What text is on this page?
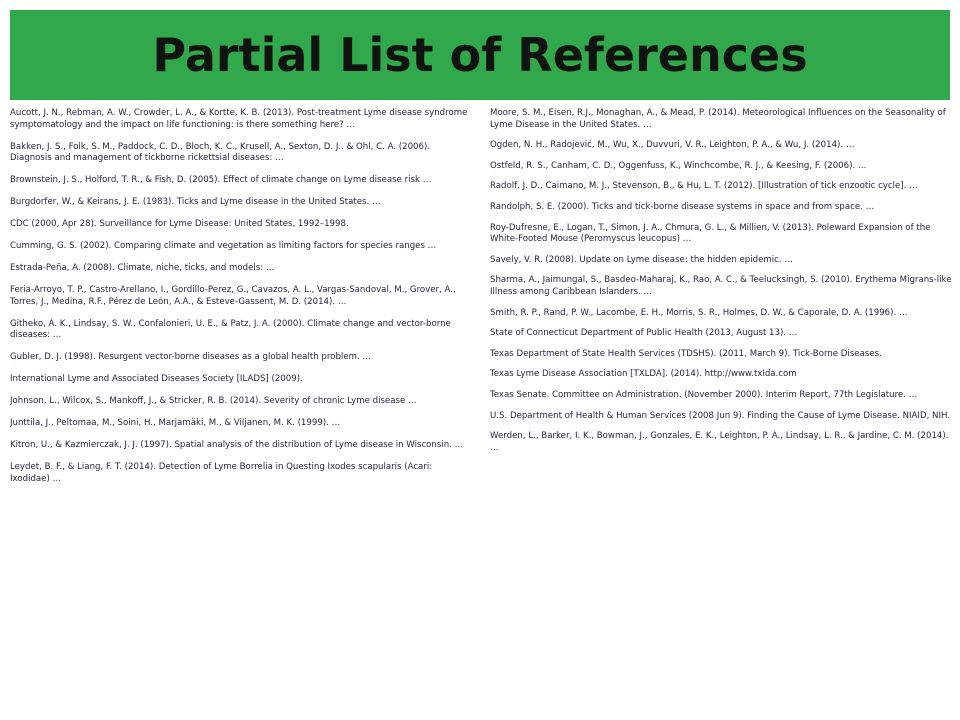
Partial List of References

Aucott, J. N., Rebman, A. W., Crowder, L. A., & Kortte, K. B. (2013). Post-treatment Lyme disease syndrome symptomatology and the impact on life functioning: is there something here? …

Bakken, J. S., Folk, S. M., Paddock, C. D., Bloch, K. C., Krusell, A., Sexton, D. J.. & Ohl, C. A. (2006). Diagnosis and management of tickborne rickettsial diseases: …

Brownstein, J. S., Holford, T. R., & Fish, D. (2005). Effect of climate change on Lyme disease risk …

Burgdorfer, W., & Keirans, J. E. (1983). Ticks and Lyme disease in the United States. …

CDC (2000, Apr 28). Surveillance for Lyme Disease: United States, 1992–1998.

Cumming, G. S. (2002). Comparing climate and vegetation as limiting factors for species ranges …

Estrada-Peña, A. (2008). Climate, niche, ticks, and models: …

Feria-Arroyo, T. P., Castro-Arellano, I., Gordillo-Perez, G., Cavazos, A. L., Vargas-Sandoval, M., Grover, A., Torres, J., Medina, R.F., Pérez de León, A.A., & Esteve-Gassent, M. D. (2014). …

Githeko, A. K., Lindsay, S. W., Confalonieri, U. E., & Patz, J. A. (2000). Climate change and vector-borne diseases: …

Gubler, D. J. (1998). Resurgent vector-borne diseases as a global health problem. …

International Lyme and Associated Diseases Society [ILADS] (2009).

Johnson, L., Wilcox, S., Mankoff, J., & Stricker, R. B. (2014). Severity of chronic Lyme disease …

Junttila, J., Peltomaa, M., Soini, H., Marjamäki, M., & Viljanen, M. K. (1999). …

Kitron, U., & Kazmierczak, J. J. (1997). Spatial analysis of the distribution of Lyme disease in Wisconsin. …

Leydet, B. F., & Liang, F. T. (2014). Detection of Lyme Borrelia in Questing Ixodes scapularis (Acari: Ixodidae) …

Moore, S. M., Eisen, R.J., Monaghan, A., & Mead, P. (2014). Meteorological Influences on the Seasonality of Lyme Disease in the United States. …

Ogden, N. H., Radojević, M., Wu, X., Duvvuri, V. R., Leighton, P. A., & Wu, J. (2014). …

Ostfeld, R. S., Canham, C. D., Oggenfuss, K., Winchcombe, R. J., & Keesing, F. (2006). …

Radolf, J. D., Caimano, M. J., Stevenson, B., & Hu, L. T. (2012). [Illustration of tick enzootic cycle]. …

Randolph, S. E. (2000). Ticks and tick-borne disease systems in space and from space. …

Roy-Dufresne, E., Logan, T., Simon, J. A., Chmura, G. L., & Millien, V. (2013). Poleward Expansion of the White-Footed Mouse (Peromyscus leucopus) …

Savely, V. R. (2008). Update on Lyme disease: the hidden epidemic. …

Sharma, A., Jaimungal, S., Basdeo-Maharaj, K., Rao, A. C., & Teelucksingh, S. (2010). Erythema Migrans-like Illness among Caribbean Islanders. …

Smith, R. P., Rand, P. W., Lacombe, E. H., Morris, S. R., Holmes, D. W., & Caporale, D. A. (1996). …

State of Connecticut Department of Public Health (2013, August 13). …

Texas Department of State Health Services (TDSHS). (2011, March 9). Tick-Borne Diseases.

Texas Lyme Disease Association [TXLDA]. (2014). http://www.txlda.com

Texas Senate. Committee on Administration. (November 2000). Interim Report, 77th Legislature. …

U.S. Department of Health & Human Services (2008 Jun 9). Finding the Cause of Lyme Disease. NIAID, NIH.

Werden, L., Barker, I. K., Bowman, J., Gonzales, E. K., Leighton, P. A., Lindsay, L. R., & Jardine, C. M. (2014). …
